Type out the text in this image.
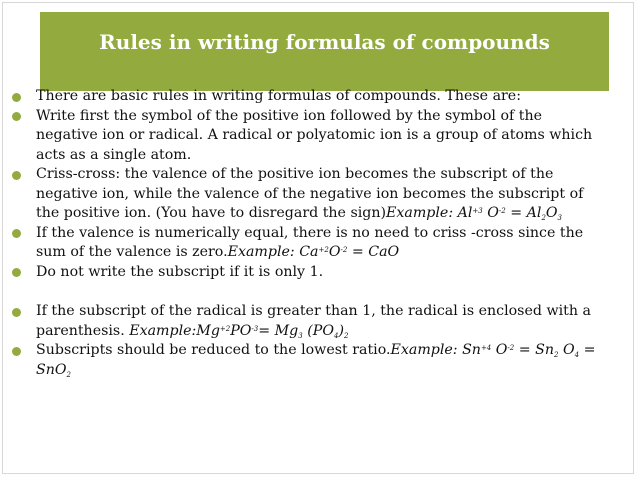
Rules in writing formulas of compounds
There are basic rules in writing formulas of compounds. These are:
Write first the symbol of the positive ion followed by the symbol of the negative ion or radical. A radical or polyatomic ion is a group of atoms which acts as a single atom.
Criss-cross: the valence of the positive ion becomes the subscript of the negative ion, while the valence of the negative ion becomes the subscript of the positive ion. (You have to disregard the sign)Example: $Al^{+3}$ $O^{-2} = Al_2O_3$
If the valence is numerically equal, there is no need to criss -cross since the sum of the valence is zero.Example: $Ca^{+2}O^{-2}$ = CaO
Do not write the subscript if it is only 1.
If the subscript of the radical is greater than 1, the radical is enclosed with a parenthesis. $Example:Mg^{+2}PO^{-3}= Mg_3$ $(PO_4)_2$
Subscripts should be reduced to the lowest ratio.Example: $Sn^{+4}$ $O^{-2} = Sn_2$ $O_4 = SnO_2$
